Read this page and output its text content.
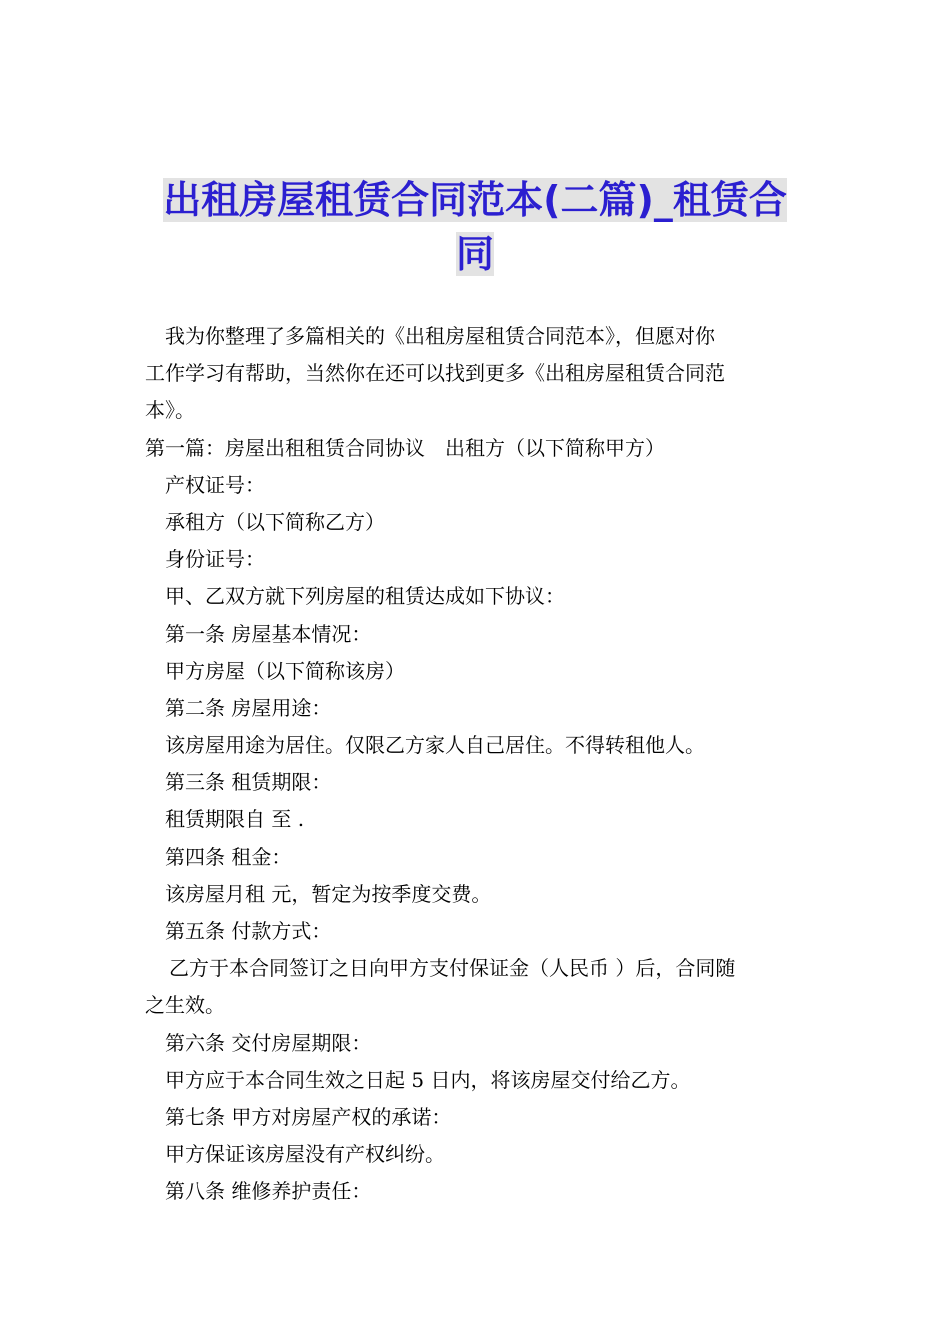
出租房屋租赁合同范本(二篇)_租赁合
同
我为你整理了多篇相关的《出租房屋租赁合同范本》，但愿对你
工作学习有帮助，当然你在还可以找到更多《出租房屋租赁合同范
本》。
第一篇：房屋出租租赁合同协议　出租方（以下简称甲方）
产权证号：
承租方（以下简称乙方）
身份证号：
甲、乙双方就下列房屋的租赁达成如下协议：
第一条 房屋基本情况：
甲方房屋（以下简称该房）
第二条 房屋用途：
该房屋用途为居住。仅限乙方家人自己居住。不得转租他人。
第三条 租赁期限：
租赁期限自 至 .
第四条 租金：
该房屋月租 元，暂定为按季度交费。
第五条 付款方式：
乙方于本合同签订之日向甲方支付保证金（人民币 ）后，合同随
之生效。
第六条 交付房屋期限：
甲方应于本合同生效之日起 5 日内，将该房屋交付给乙方。
第七条 甲方对房屋产权的承诺：
甲方保证该房屋没有产权纠纷。
第八条 维修养护责任：
